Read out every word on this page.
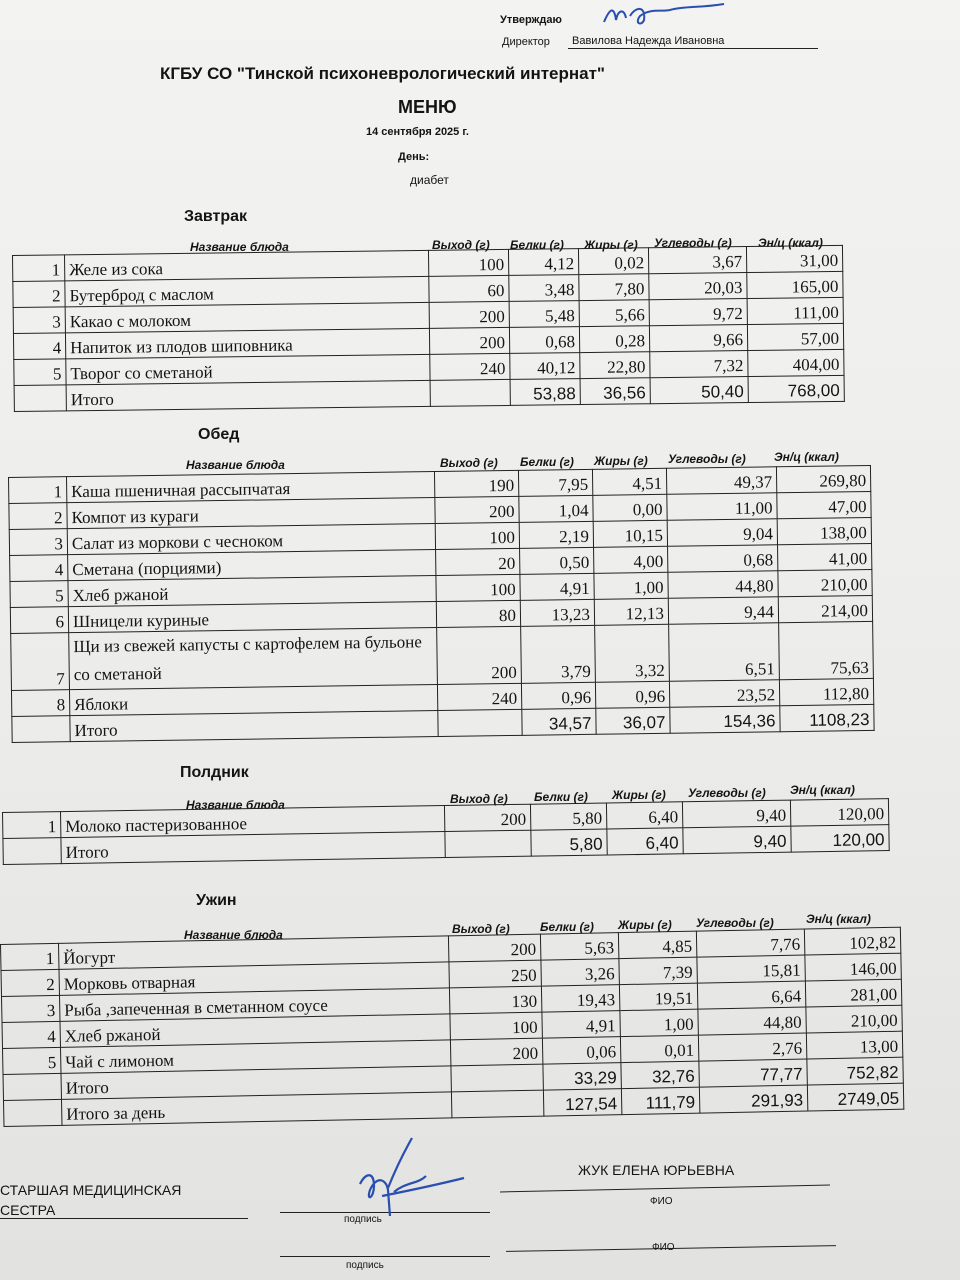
Утверждаю
Директор Вавилова Надежда Ивановна
КГБУ СО "Тинской психоневрологический интернат"
МЕНЮ
14 сентября 2025 г.
День:
диабет
Завтрак
Название блюда	Выход (г) Белки (г) Жиры (г) Углеводы (г) Эн/ц (ккал)
1	Желе из сока	100	4,12	0,02	3,67	31,00
2	Бутерброд с маслом	60	3,48	7,80	20,03	165,00
3	Какао с молоком	200	5,48	5,66	9,72	111,00
4	Напиток из плодов шиповника	200	0,68	0,28	9,66	57,00
5	Творог со сметаной	240	40,12	22,80	7,32	404,00
	Итого		53,88	36,56	50,40	768,00
Обед
Название блюда	Выход (г) Белки (г) Жиры (г) Углеводы (г) Эн/ц (ккал)
1	Каша пшеничная рассыпчатая	190	7,95	4,51	49,37	269,80
2	Компот из кураги	200	1,04	0,00	11,00	47,00
3	Салат из моркови с чесноком	100	2,19	10,15	9,04	138,00
4	Сметана (порциями)	20	0,50	4,00	0,68	41,00
5	Хлеб ржаной	100	4,91	1,00	44,80	210,00
6	Шницели куриные	80	13,23	12,13	9,44	214,00
7	Щи из свежей капусты с картофелем на бульоне со сметаной	200	3,79	3,32	6,51	75,63
8	Яблоки	240	0,96	0,96	23,52	112,80
	Итого		34,57	36,07	154,36	1108,23
Полдник
Название блюда	Выход (г) Белки (г) Жиры (г) Углеводы (г) Эн/ц (ккал)
1	Молоко пастеризованное	200	5,80	6,40	9,40	120,00
	Итого		5,80	6,40	9,40	120,00
Ужин
Название блюда	Выход (г)	Белки (г) Жиры (г) Углеводы (г)	Эн/ц (ккал)
1	Йогурт	200	5,63	4,85	7,76	102,82
2	Морковь отварная	250	3,26	7,39	15,81	146,00
3	Рыба ,запеченная в сметанном соусе	130	19,43	19,51	6,64	281,00
4	Хлеб ржаной	100	4,91	1,00	44,80	210,00
5	Чай с лимоном	200	0,06	0,01	2,76	13,00
	Итого		33,29	32,76	77,77	752,82
	Итого за день		127,54	111,79	291,93	2749,05
СТАРШАЯ МЕДИЦИНСКАЯ
СЕСТРА
подпись
ЖУК ЕЛЕНА ЮРЬЕВНА
ФИО
подпись
ФИО
